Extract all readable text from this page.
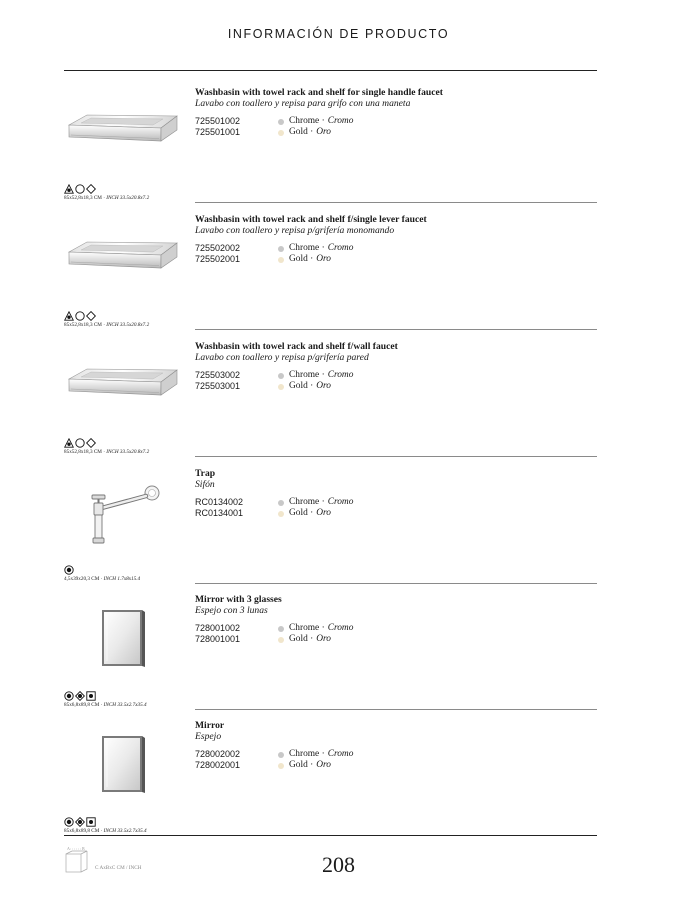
INFORMACIÓN DE PRODUCTO
Washbasin with towel rack and shelf for single handle faucet
Lavabo con toallero y repisa para grifo con una maneta
725501002	Chrome · Cromo
725501001	Gold · Oro
85x52,8x18,3 CM · INCH 33.5x20.8x7.2
Washbasin with towel rack and shelf f/single lever faucet
Lavabo con toallero y repisa p/grifería monomando
725502002	Chrome · Cromo
725502001	Gold · Oro
85x52,8x18,3 CM · INCH 33.5x20.8x7.2
Washbasin with towel rack and shelf f/wall faucet
Lavabo con toallero y repisa p/grifería pared
725503002	Chrome · Cromo
725503001	Gold · Oro
85x52,8x18,3 CM · INCH 33.5x20.8x7.2
Trap
Sifón
RC0134002	Chrome · Cromo
RC0134001	Gold · Oro
4,5x39x20,3 CM · INCH 1.7x8x15.4
Mirror with 3 glasses
Espejo con 3 lunas
728001002	Chrome · Cromo
728001001	Gold · Oro
85x6,8x89,8 CM · INCH 33.5x2.7x35.4
Mirror
Espejo
728002002	Chrome · Cromo
728002001	Gold · Oro
85x6,8x89,8 CM · INCH 33.5x2.7x35.4
A	B
C AxBxC CM / INCH	208
